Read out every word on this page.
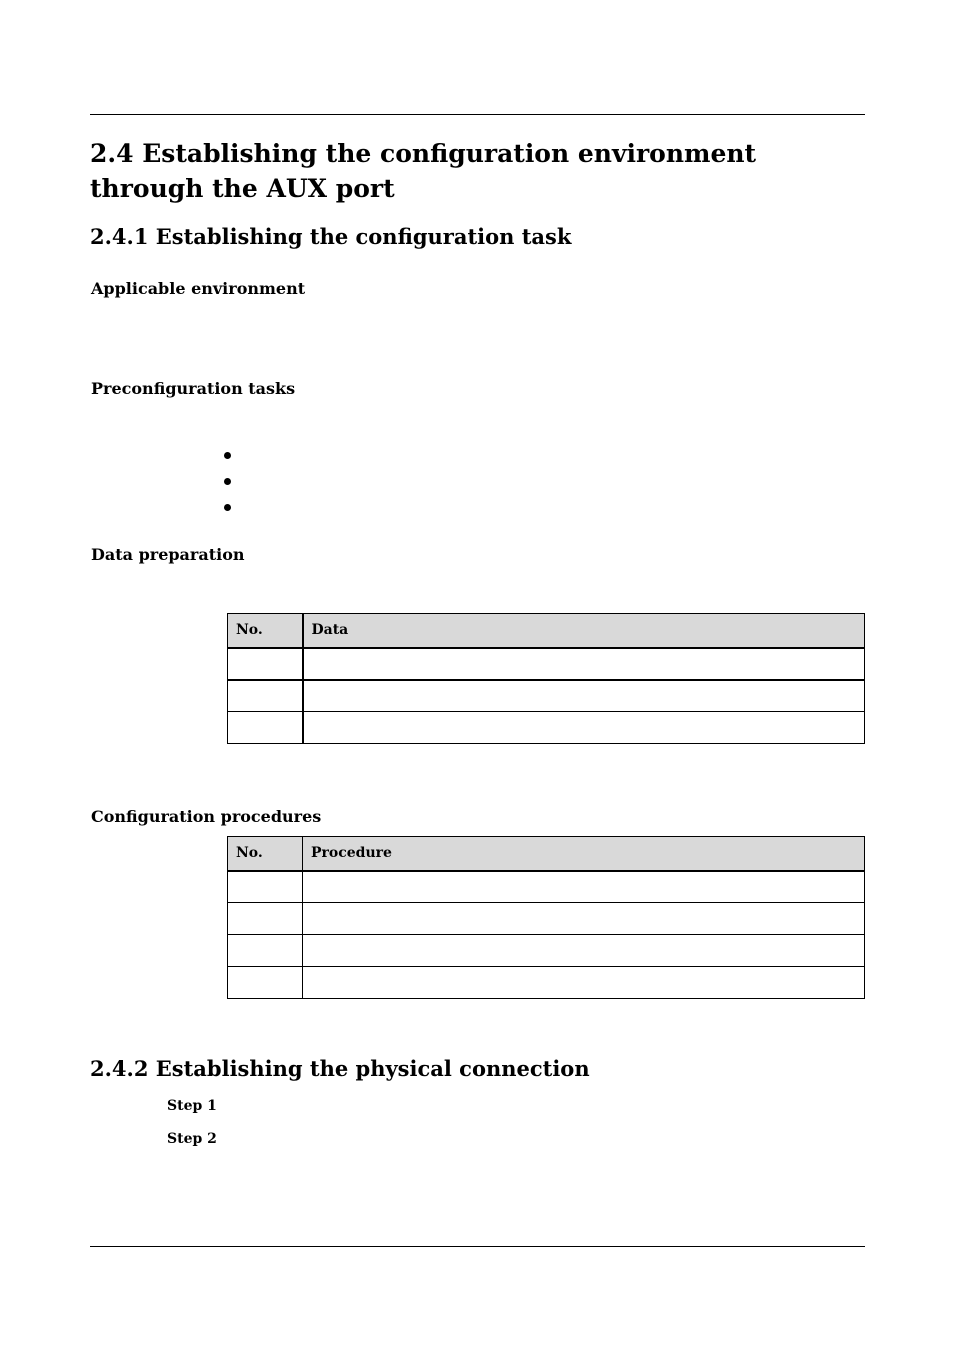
2.4 Establishing the configuration environment through the AUX port
2.4.1 Establishing the configuration task
Applicable environment
Preconfiguration tasks
Data preparation
No.	Data

Configuration procedures
No.	Procedure

2.4.2 Establishing the physical connection
Step 1
Step 2
